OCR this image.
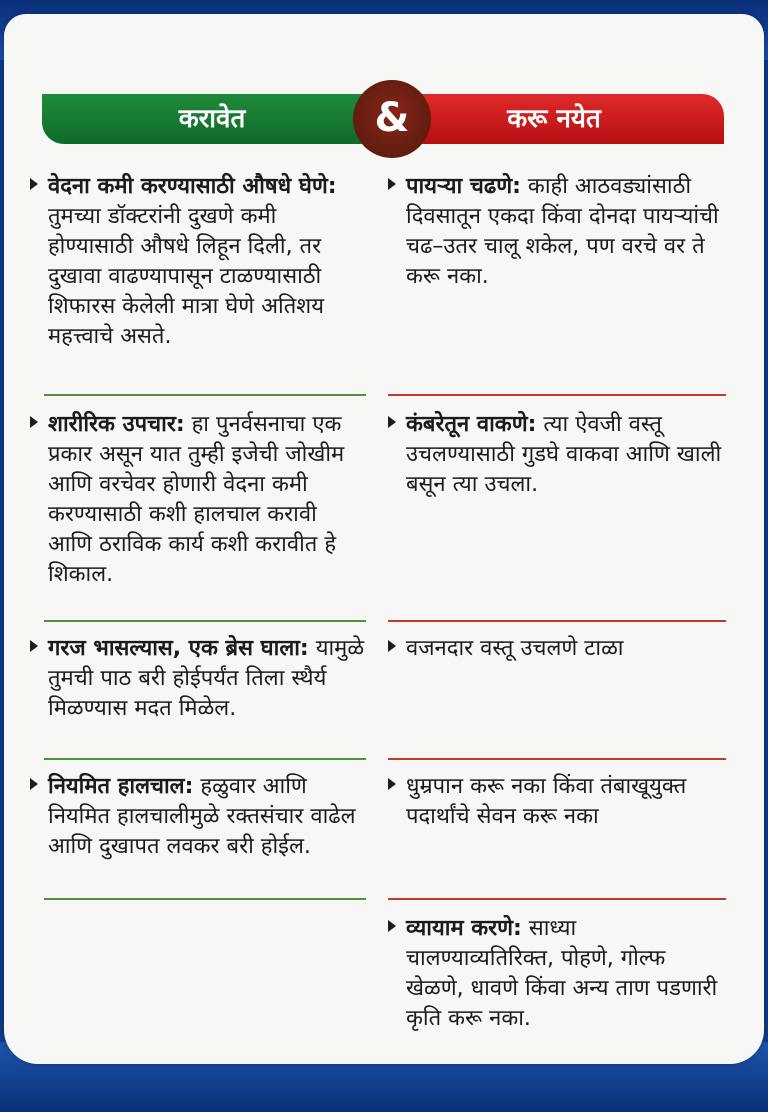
करावेत	करू नयेत
&
वेदना कमी करण्यासाठी औषधे घेणे: तुमच्या डॉक्टरांनी दुखणे कमी होण्यासाठी औषधे लिहून दिली, तर दुखावा वाढण्यापासून टाळण्यासाठी शिफारस केलेली मात्रा घेणे अतिशय महत्त्वाचे असते.
शारीरिक उपचार: हा पुनर्वसनाचा एक प्रकार असून यात तुम्ही इजेची जोखीम आणि वरचेवर होणारी वेदना कमी करण्यासाठी कशी हालचाल करावी आणि ठराविक कार्य कशी करावीत हे शिकाल.
गरज भासल्यास, एक ब्रेस घाला: यामुळे तुमची पाठ बरी होईपर्यंत तिला स्थैर्य मिळण्यास मदत मिळेल.
नियमित हालचाल: हळुवार आणि नियमित हालचालीमुळे रक्तसंचार वाढेल आणि दुखापत लवकर बरी होईल.
पायऱ्या चढणे: काही आठवड्यांसाठी दिवसातून एकदा किंवा दोनदा पायऱ्यांची चढ–उतर चालू शकेल, पण वरचे वर ते करू नका.
कंबरेतून वाकणे: त्या ऐवजी वस्तू उचलण्यासाठी गुडघे वाकवा आणि खाली बसून त्या उचला.
वजनदार वस्तू उचलणे टाळा
धुम्रपान करू नका किंवा तंबाखूयुक्त पदार्थांचे सेवन करू नका
व्यायाम करणे: साध्या चालण्याव्यतिरिक्त, पोहणे, गोल्फ खेळणे, धावणे किंवा अन्य ताण पडणारी कृति करू नका.
